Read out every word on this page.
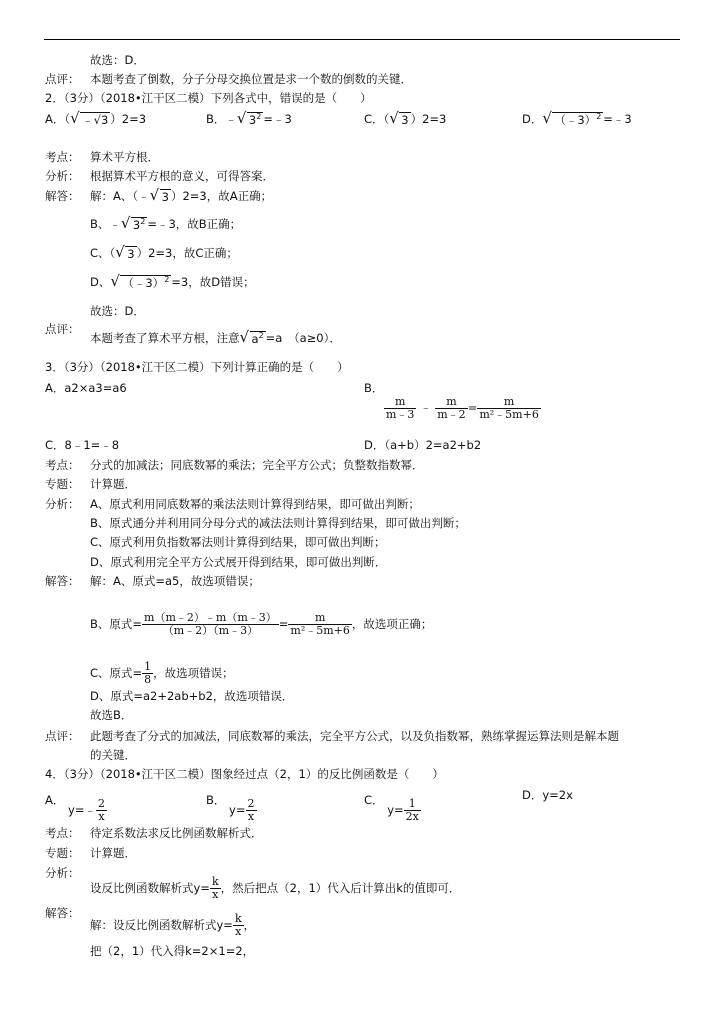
故选：D．
点评： 本题考查了倒数，分子分母交换位置是求一个数的倒数的关键．
2．（3分）（2018•江干区二模）下列各式中，错误的是（　　）
A．（ √ ﹣√3 ）2=3	B．﹣ √ $3^2$ =﹣3	C．（ √ 3 ）2=3	D． √ （﹣3）$^2$ =﹣3
考点： 算术平方根．
分析： 根据算术平方根的意义，可得答案．
解答： 解：A、（﹣ √ 3 ）2=3，故A正确；
B、﹣ √ $3^2$ =﹣3，故B正确；
C、（ √ 3 ）2=3，故C正确；
D、 √ （﹣3）$^2$ =3，故D错误；
故选：D．
点评：
本题考查了算术平方根，注意 √ $a^2 =a$　（a≥0）．
3．（3分）（2018•江干区二模）下列计算正确的是（　　）
A．a2×a3=a6	B．
$\frac{m}{m﹣3}$ ﹣ $\frac{m}{m﹣2} = \frac{m}{\text{m²﹣5m+6}}$
C．8﹣1=﹣8	D．（a+b）2=a2+b2
考点： 分式的加减法；同底数幂的乘法；完全平方公式；负整数指数幂．
专题： 计算题．
分析： A、原式利用同底数幂的乘法法则计算得到结果，即可做出判断；
B、原式通分并利用同分母分式的减法法则计算得到结果，即可做出判断；
C、原式利用负指数幂法则计算得到结果，即可做出判断；
D、原式利用完全平方公式展开得到结果，即可做出判断．
解答： 解：A、原式=a5，故选项错误；
B、原式= $\frac{m(m﹣2)﹣m(m﹣3)}{(m﹣2)(m﹣3)} = \frac{m}{\text{m²﹣5m+6}}$ ，故选项正确；
C、原式= $\frac{1}{8}$ ，故选项错误；
D、原式=a2+2ab+b2，故选项错误．
故选B．
点评： 此题考查了分式的加减法，同底数幂的乘法，完全平方公式，以及负指数幂，熟练掌握运算法则是解本题
的关键．
4．（3分）（2018•江干区二模）图象经过点（2，1）的反比例函数是（　　）
A． y=﹣ $\frac{2}{x}$	B． $y= \frac{2}{x}$	C． $y= \frac{1}{2x}$
D．y=2x
考点： 待定系数法求反比例函数解析式．
专题： 计算题．
分析：
设反比例函数解析式$y= \frac{k}{x}$ ，然后把点（2，1）代入后计算出k的值即可．
解答：
解：设反比例函数解析式$y= \frac{k}{x}$ ，
把（2，1）代入得k=2×1=2，
